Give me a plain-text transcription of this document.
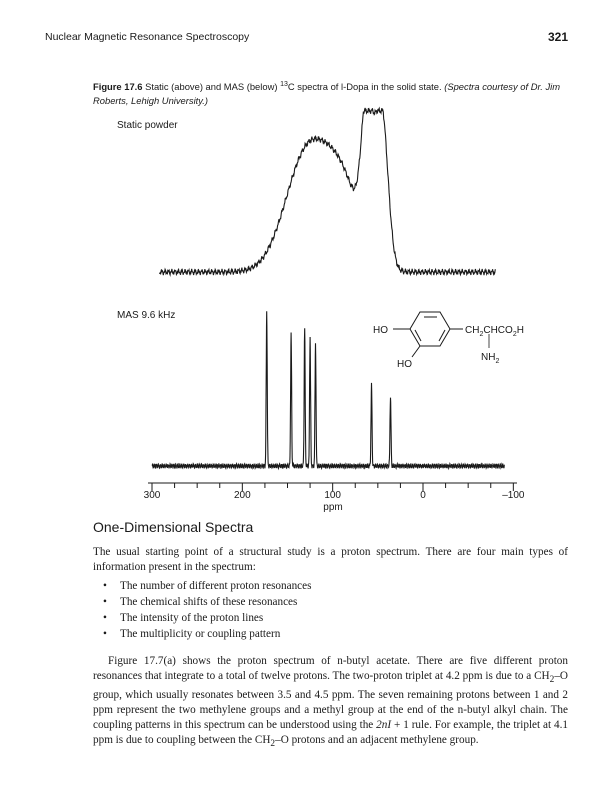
Nuclear Magnetic Resonance Spectroscopy	321
Figure 17.6 Static (above) and MAS (below) $^{13}$C spectra of l-Dopa in the solid state. (Spectra courtesy of Dr. Jim Roberts, Lehigh University.)
Static powder
MAS 9.6 kHz
300	200	100	0	–100
ppm
HO
HO
$CH_2CHCO_2H$
$NH_2$
One-Dimensional Spectra

The usual starting point of a structural study is a proton spectrum. There are four main types of information present in the spectrum:

• The number of different proton resonances
• The chemical shifts of these resonances
• The intensity of the proton lines
• The multiplicity or coupling pattern

Figure 17.7(a) shows the proton spectrum of n-butyl acetate. There are five different proton resonances that integrate to a total of twelve protons. The two-proton triplet at 4.2 ppm is due to a $CH_2-O$ group, which usually resonates between 3.5 and 4.5 ppm. The seven remaining protons between 1 and 2 ppm represent the two methylene groups and a methyl group at the end of the n-butyl alkyl chain. The coupling patterns in this spectrum can be understood using the 2nI + 1 rule. For example, the triplet at 4.1 ppm is due to coupling between the $CH_2-O$ protons and an adjacent methylene group.
